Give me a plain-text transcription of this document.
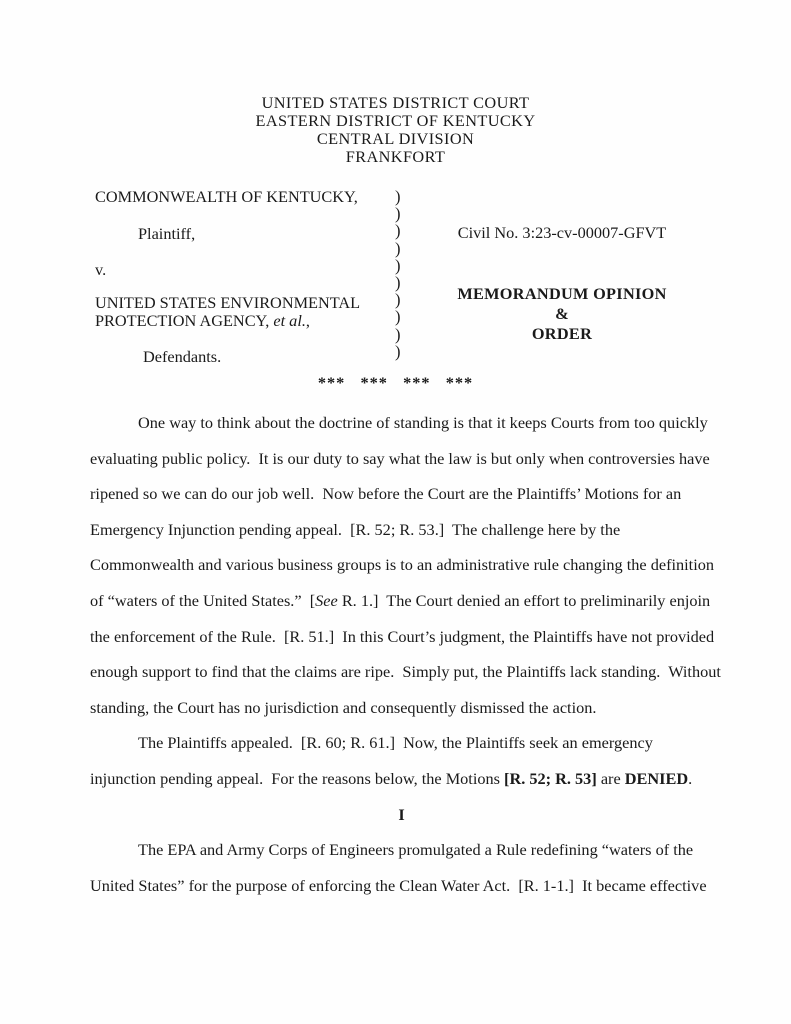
UNITED STATES DISTRICT COURT
EASTERN DISTRICT OF KENTUCKY
CENTRAL DIVISION
FRANKFORT
COMMONWEALTH OF KENTUCKY,
Plaintiff,
v.
UNITED STATES ENVIRONMENTAL
PROTECTION AGENCY, et al.,
Defendants.
)
)
)
)
)
)
)
)
)
)
Civil No. 3:23-cv-00007-GFVT
MEMORANDUM OPINION
&
ORDER
***   ***   ***   ***
One way to think about the doctrine of standing is that it keeps Courts from too quickly
evaluating public policy.  It is our duty to say what the law is but only when controversies have
ripened so we can do our job well.  Now before the Court are the Plaintiffs’ Motions for an
Emergency Injunction pending appeal.  [R. 52; R. 53.]  The challenge here by the
Commonwealth and various business groups is to an administrative rule changing the definition
of “waters of the United States.”  [See R. 1.]  The Court denied an effort to preliminarily enjoin
the enforcement of the Rule.  [R. 51.]  In this Court’s judgment, the Plaintiffs have not provided
enough support to find that the claims are ripe.  Simply put, the Plaintiffs lack standing.  Without
standing, the Court has no jurisdiction and consequently dismissed the action.
The Plaintiffs appealed.  [R. 60; R. 61.]  Now, the Plaintiffs seek an emergency
injunction pending appeal.  For the reasons below, the Motions [R. 52; R. 53] are DENIED.
I
The EPA and Army Corps of Engineers promulgated a Rule redefining “waters of the
United States” for the purpose of enforcing the Clean Water Act.  [R. 1-1.]  It became effective
